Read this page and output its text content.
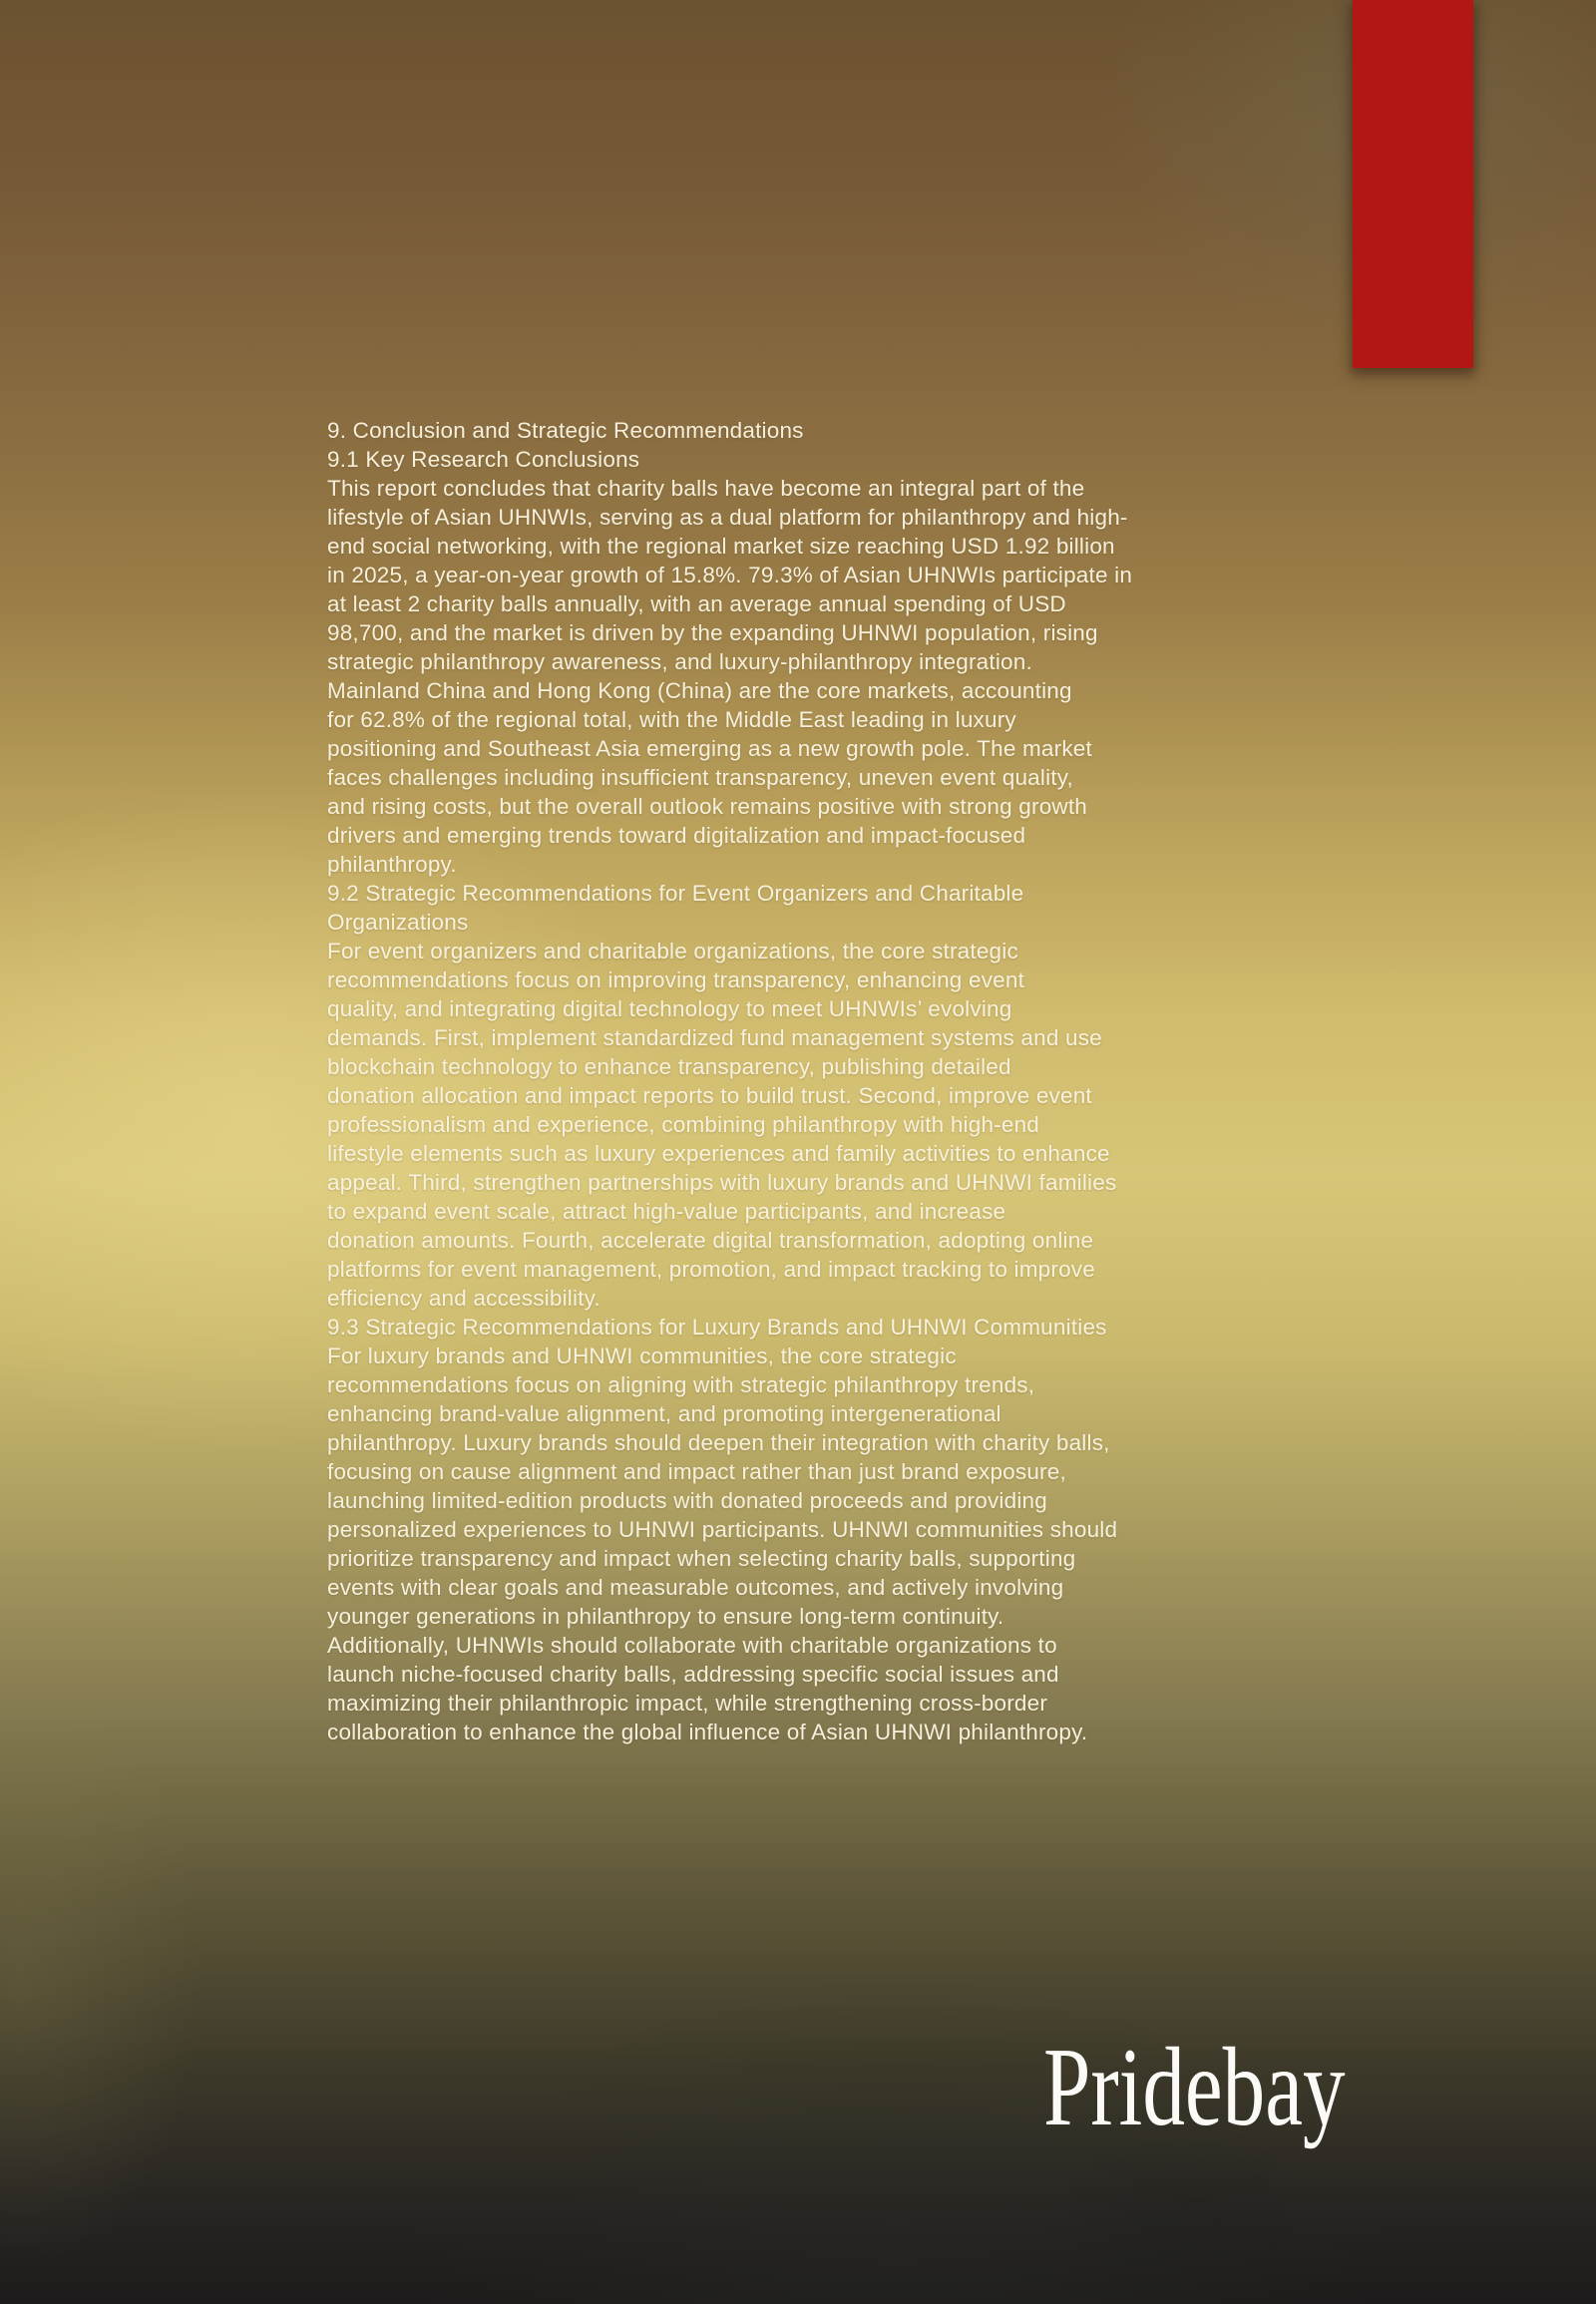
9. Conclusion and Strategic Recommendations
9.1 Key Research Conclusions
This report concludes that charity balls have become an integral part of the
lifestyle of Asian UHNWIs, serving as a dual platform for philanthropy and high-
end social networking, with the regional market size reaching USD 1.92 billion
in 2025, a year-on-year growth of 15.8%. 79.3% of Asian UHNWIs participate in
at least 2 charity balls annually, with an average annual spending of USD
98,700, and the market is driven by the expanding UHNWI population, rising
strategic philanthropy awareness, and luxury-philanthropy integration.
Mainland China and Hong Kong (China) are the core markets, accounting
for 62.8% of the regional total, with the Middle East leading in luxury
positioning and Southeast Asia emerging as a new growth pole. The market
faces challenges including insufficient transparency, uneven event quality,
and rising costs, but the overall outlook remains positive with strong growth
drivers and emerging trends toward digitalization and impact-focused
philanthropy.
9.2 Strategic Recommendations for Event Organizers and Charitable
Organizations
For event organizers and charitable organizations, the core strategic
recommendations focus on improving transparency, enhancing event
quality, and integrating digital technology to meet UHNWIs’ evolving
demands. First, implement standardized fund management systems and use
blockchain technology to enhance transparency, publishing detailed
donation allocation and impact reports to build trust. Second, improve event
professionalism and experience, combining philanthropy with high-end
lifestyle elements such as luxury experiences and family activities to enhance
appeal. Third, strengthen partnerships with luxury brands and UHNWI families
to expand event scale, attract high-value participants, and increase
donation amounts. Fourth, accelerate digital transformation, adopting online
platforms for event management, promotion, and impact tracking to improve
efficiency and accessibility.
9.3 Strategic Recommendations for Luxury Brands and UHNWI Communities
For luxury brands and UHNWI communities, the core strategic
recommendations focus on aligning with strategic philanthropy trends,
enhancing brand-value alignment, and promoting intergenerational
philanthropy. Luxury brands should deepen their integration with charity balls,
focusing on cause alignment and impact rather than just brand exposure,
launching limited-edition products with donated proceeds and providing
personalized experiences to UHNWI participants. UHNWI communities should
prioritize transparency and impact when selecting charity balls, supporting
events with clear goals and measurable outcomes, and actively involving
younger generations in philanthropy to ensure long-term continuity.
Additionally, UHNWIs should collaborate with charitable organizations to
launch niche-focused charity balls, addressing specific social issues and
maximizing their philanthropic impact, while strengthening cross-border
collaboration to enhance the global influence of Asian UHNWI philanthropy.
Pridebay
